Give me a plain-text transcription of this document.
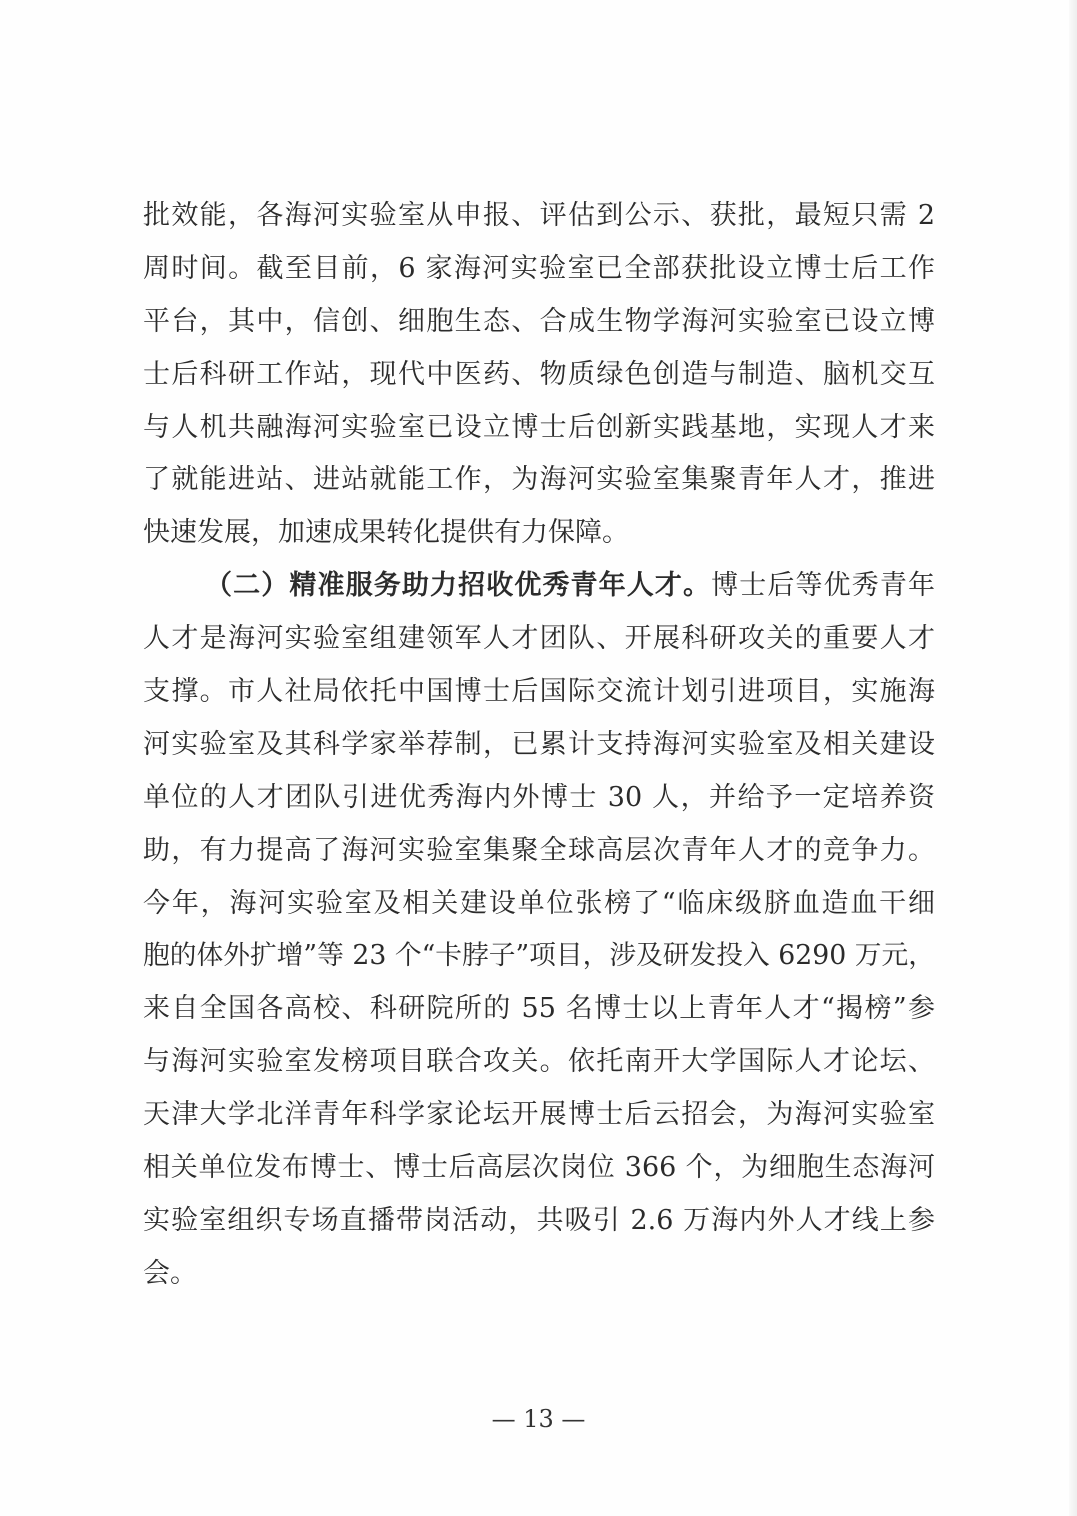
批效能，各海河实验室从申报、评估到公示、获批，最短只需 2
周时间。截至目前，6 家海河实验室已全部获批设立博士后工作
平台，其中，信创、细胞生态、合成生物学海河实验室已设立博
士后科研工作站，现代中医药、物质绿色创造与制造、脑机交互
与人机共融海河实验室已设立博士后创新实践基地，实现人才来
了就能进站、进站就能工作，为海河实验室集聚青年人才，推进
快速发展，加速成果转化提供有力保障。
（二）精准服务助力招收优秀青年人才。博士后等优秀青年
人才是海河实验室组建领军人才团队、开展科研攻关的重要人才
支撑。市人社局依托中国博士后国际交流计划引进项目，实施海
河实验室及其科学家举荐制，已累计支持海河实验室及相关建设
单位的人才团队引进优秀海内外博士 30 人，并给予一定培养资
助，有力提高了海河实验室集聚全球高层次青年人才的竞争力。
今年，海河实验室及相关建设单位张榜了“临床级脐血造血干细
胞的体外扩增”等 23 个“卡脖子”项目，涉及研发投入 6290 万元，
来自全国各高校、科研院所的 55 名博士以上青年人才“揭榜”参
与海河实验室发榜项目联合攻关。依托南开大学国际人才论坛、
天津大学北洋青年科学家论坛开展博士后云招会，为海河实验室
相关单位发布博士、博士后高层次岗位 366 个，为细胞生态海河
实验室组织专场直播带岗活动，共吸引 2.6 万海内外人才线上参
会。
— 13 —
